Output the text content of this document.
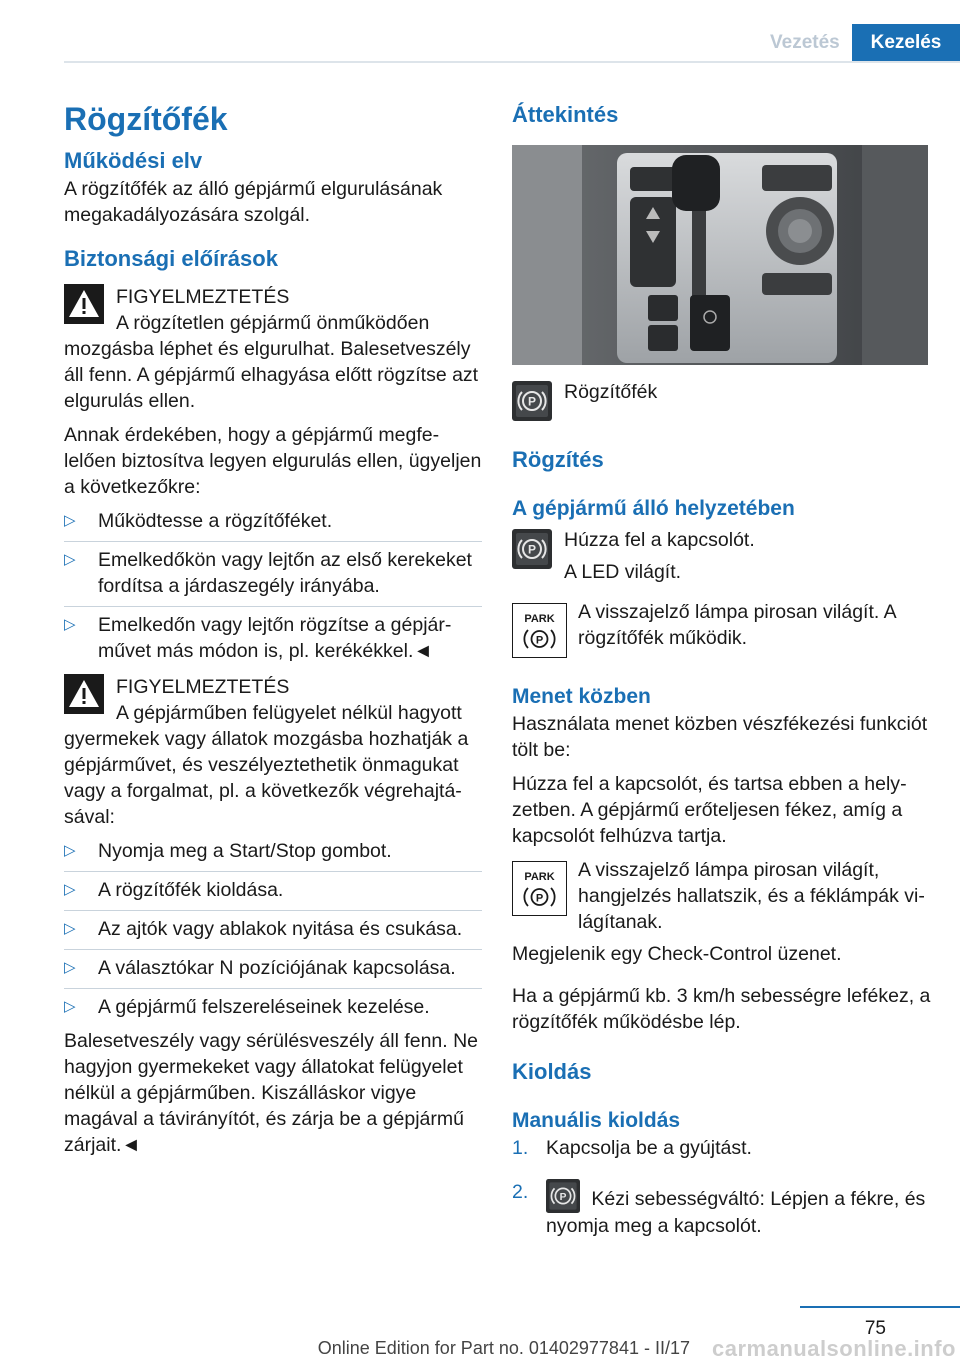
Vezetés	Kezelés
Rögzítőfék
Működési elv

A rögzítőfék az álló gépjármű elgurulásának megakadályozására szolgál.

Biztonsági előírások
FIGYELMEZTETÉS
A rögzítetlen gépjármű önműködően

mozgásba léphet és elgurulhat. Balesetveszély áll fenn. A gépjármű elhagyása előtt rögzítse azt elgurulás ellen.

Annak érdekében, hogy a gépjármű megfelelően biztosítva legyen elgurulás ellen, ügyeljen a következőkre:

▷ Működtesse a rögzítőféket.
▷ Emelkedőkön vagy lejtőn az első kerekeket fordítsa a járdaszegély irányába.
▷ Emelkedőn vagy lejtőn rögzítse a gépjárművet más módon is, pl. kerékékkel.◄
FIGYELMEZTETÉS
A gépjárműben felügyelet nélkül hagyott

gyermekek vagy állatok mozgásba hozhatják a gépjárművet, és veszélyeztethetik önmagukat vagy a forgalmat, pl. a következők végrehajtásával:

▷ Nyomja meg a Start/Stop gombot.
▷ A rögzítőfék kioldása.
▷ Az ajtók vagy ablakok nyitása és csukása.
▷ A választókar N pozíciójának kapcsolása.
▷ A gépjármű felszereléseinek kezelése.

Balesetveszély vagy sérülésveszély áll fenn. Ne hagyjon gyermekeket vagy állatokat felügyelet nélkül a gépjárműben. Kiszálláskor vigye magával a távirányítót, és zárja be a gépjármű zárjait.◄

Áttekintés
P Rögzítőfék
Rögzítés
A gépjármű álló helyzetében
P Húzza fel a kapcsolót.
A LED világít.
PARK
P
A visszajelző lámpa pirosan világít. A rögzítőfék működik.
Menet közben

Használata menet közben vészfékezési funkciót tölt be:

Húzza fel a kapcsolót, és tartsa ebben a helyzetben. A gépjármű erőteljesen fékez, amíg a kapcsolót felhúzva tartja.

PARK
P
A visszajelző lámpa pirosan világít, hangjelzés hallatszik, és a féklámpák világítanak.

Megjelenik egy Check-Control üzenet.

Ha a gépjármű kb. 3 km/h sebességre lefékez, a rögzítőfék működésbe lép.

Kioldás
Manuális kioldás
1. Kapcsolja be a gyújtást.
2.	P Kézi sebességváltó: Lépjen a fékre, és nyomja meg a kapcsolót.
75
Online Edition for Part no. 01402977841 - II/17 carmanualsonline.info
